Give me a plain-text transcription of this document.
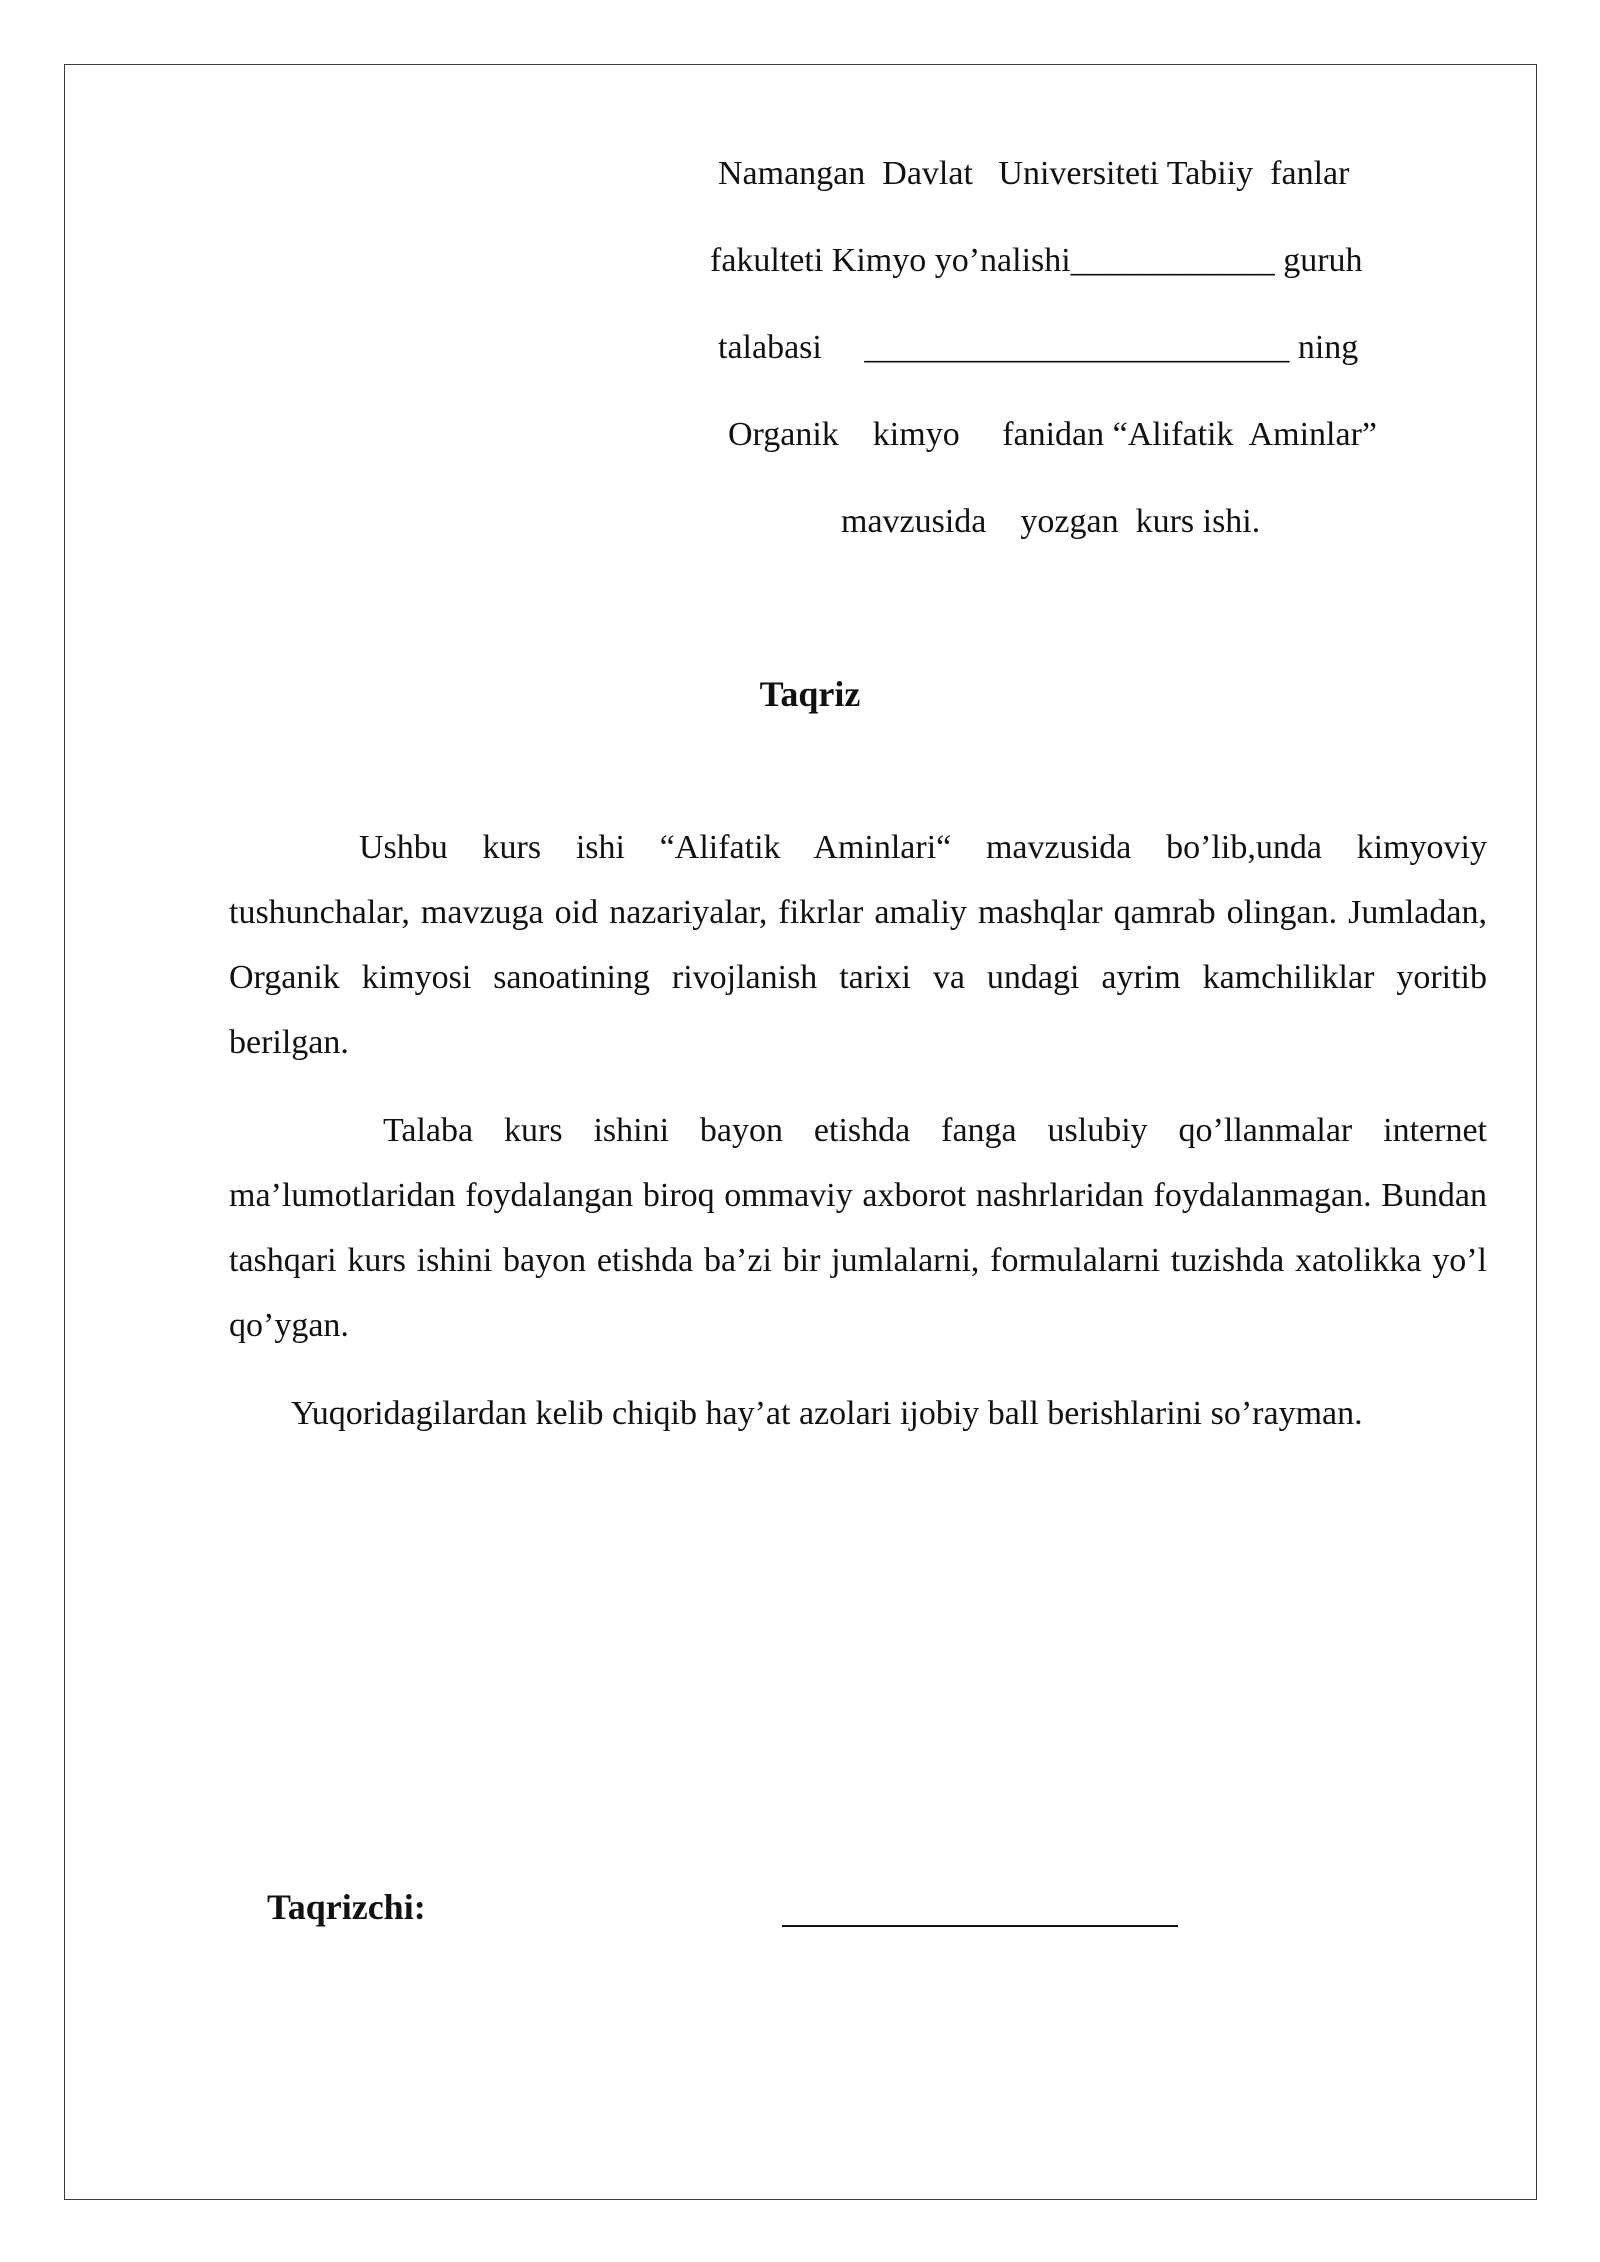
Namangan  Davlat   Universiteti Tabiiy  fanlar
fakulteti Kimyo yo’nalishi____________ guruh
talabasi     _________________________ ning
Organik    kimyo     fanidan “Alifatik  Aminlar”
mavzusida    yozgan  kurs ishi.
Taqriz

Ushbu kurs ishi “Alifatik Aminlari“ mavzusida bo’lib,unda kimyoviy tushunchalar, mavzuga oid nazariyalar, fikrlar amaliy mashqlar qamrab olingan. Jumladan, Organik kimyosi sanoatining rivojlanish tarixi va undagi ayrim kamchiliklar yoritib berilgan.

Talaba kurs ishini bayon etishda fanga uslubiy qo’llanmalar internet ma’lumotlaridan foydalangan biroq ommaviy axborot nashrlaridan foydalanmagan. Bundan tashqari kurs ishini bayon etishda ba’zi bir jumlalarni, formulalarni tuzishda xatolikka yo’l qo’ygan.

Yuqoridagilardan kelib chiqib hay’at azolari ijobiy ball berishlarini so’rayman.

Taqrizchi:
